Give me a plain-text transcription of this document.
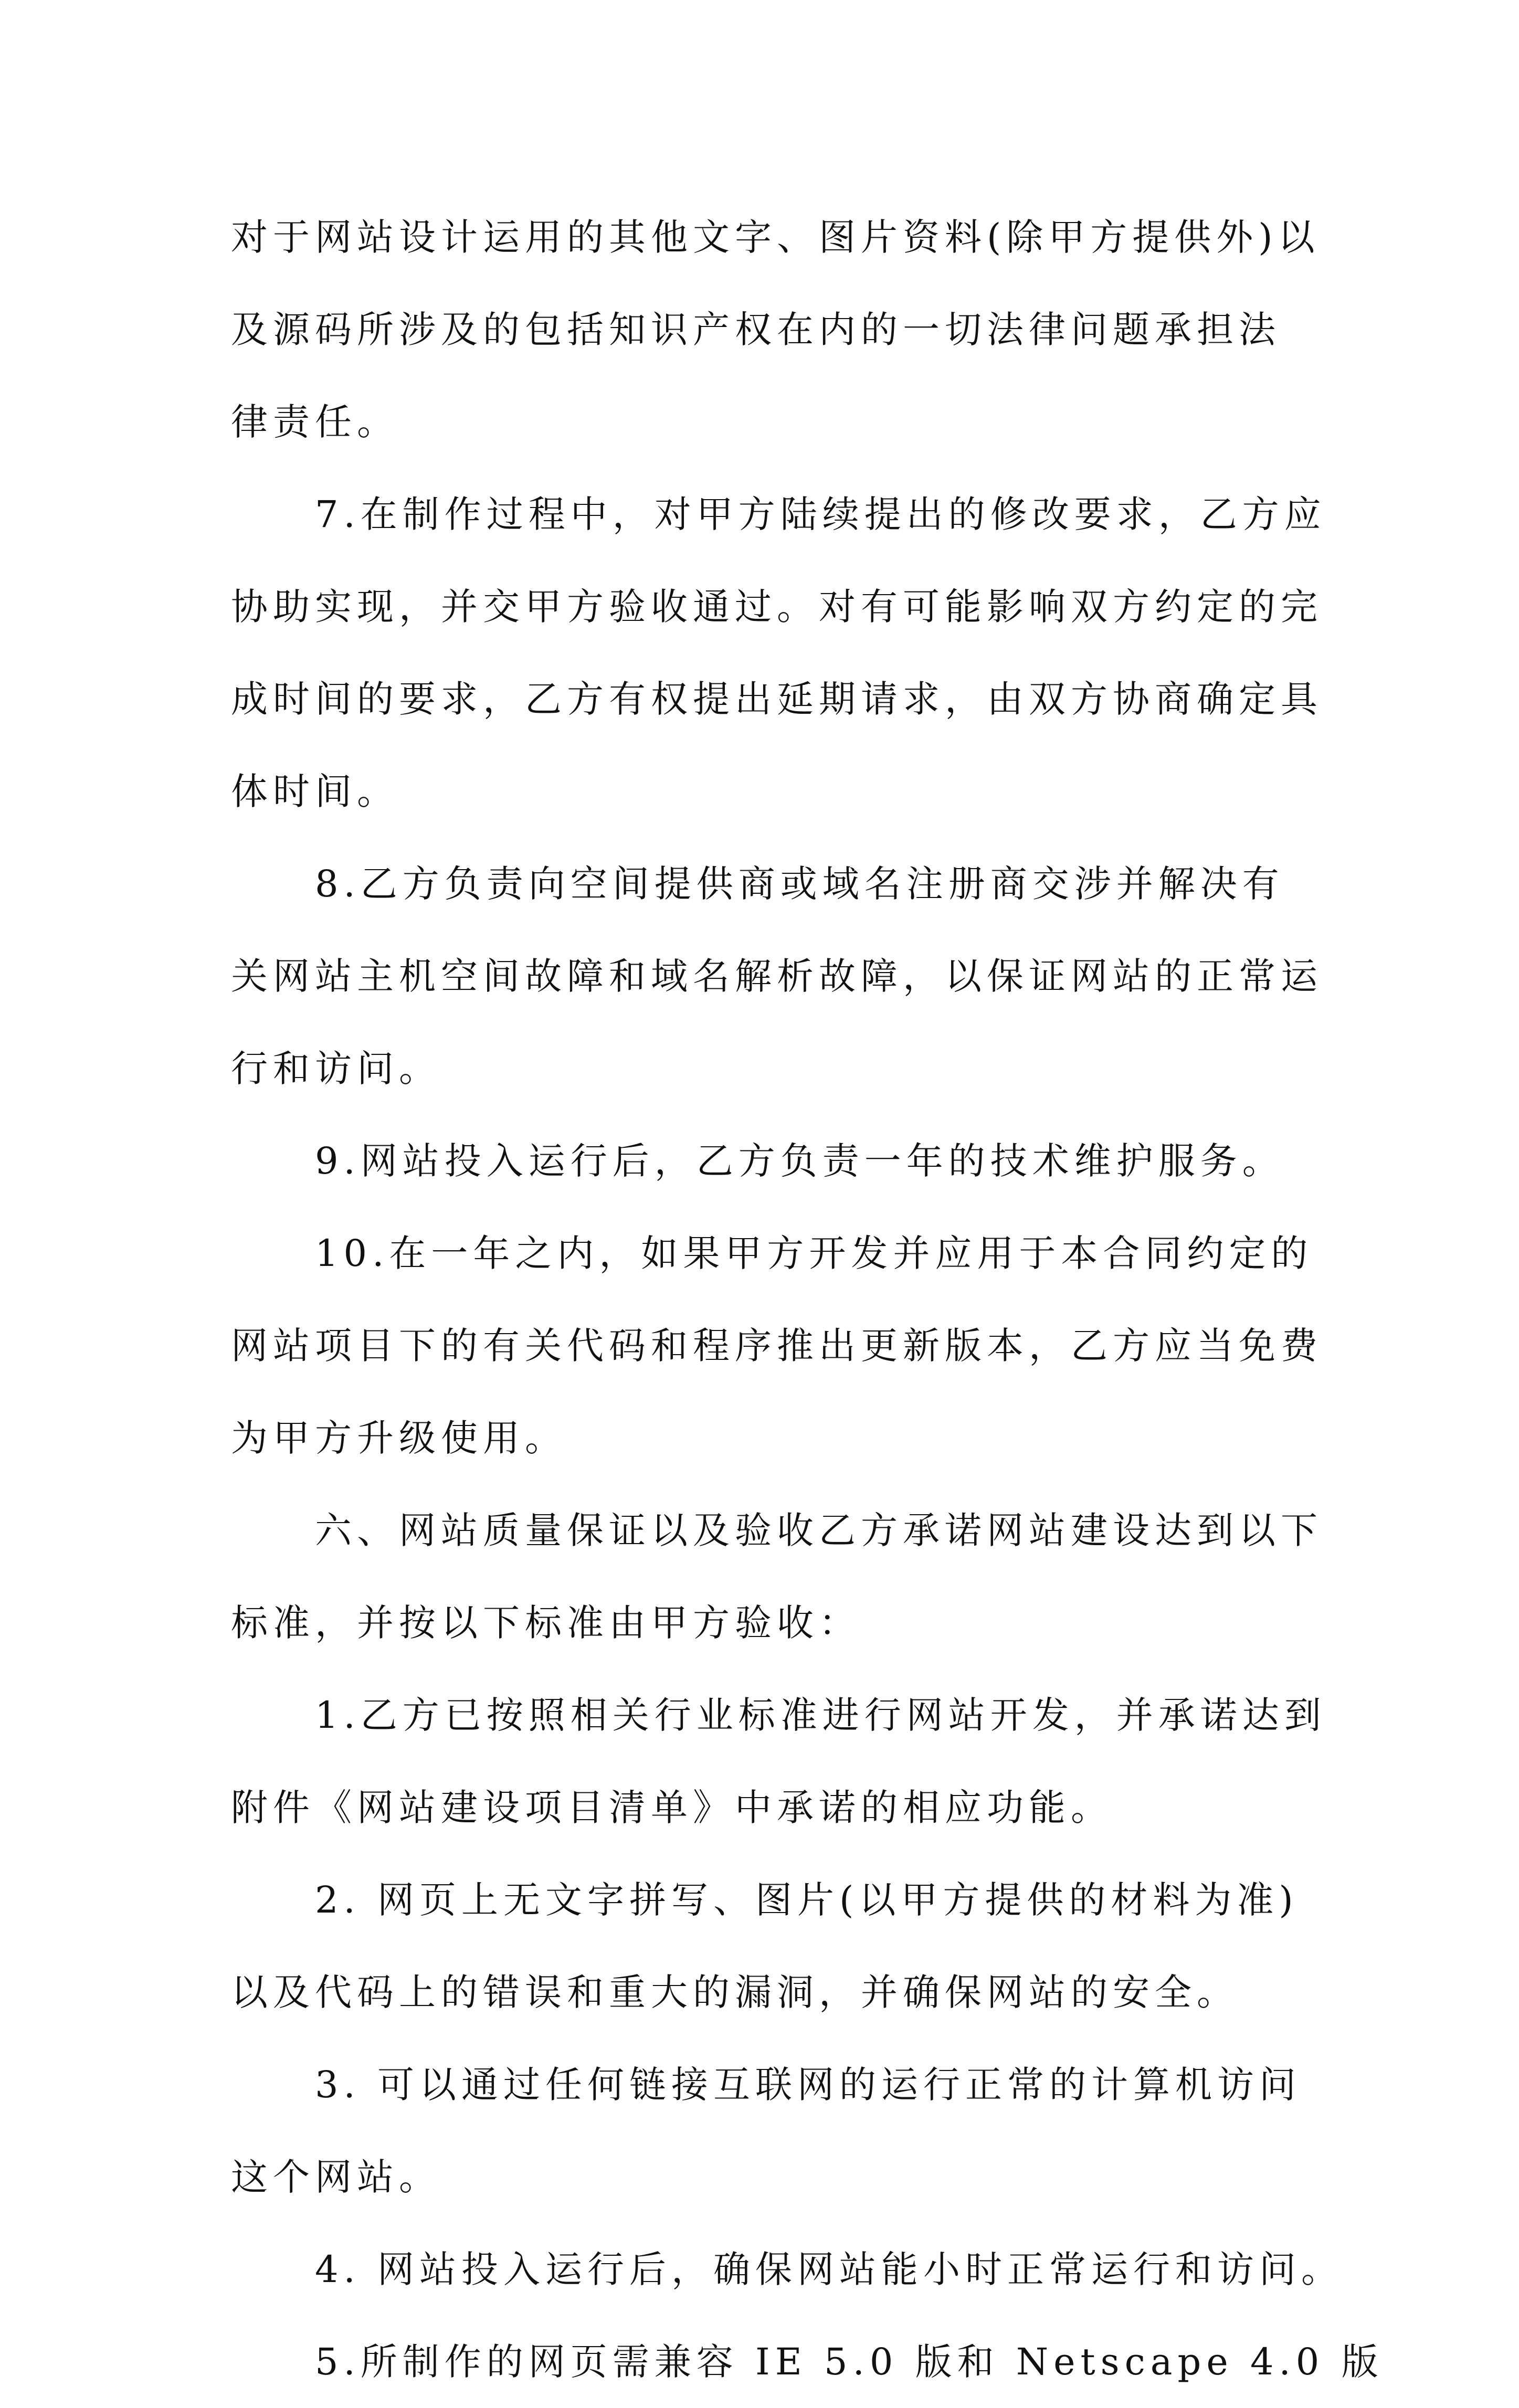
对于网站设计运用的其他文字、图片资料(除甲方提供外)以
及源码所涉及的包括知识产权在内的一切法律问题承担法
律责任。

7.在制作过程中，对甲方陆续提出的修改要求，乙方应
协助实现，并交甲方验收通过。对有可能影响双方约定的完
成时间的要求，乙方有权提出延期请求，由双方协商确定具
体时间。

8.乙方负责向空间提供商或域名注册商交涉并解决有
关网站主机空间故障和域名解析故障，以保证网站的正常运
行和访问。

9.网站投入运行后，乙方负责一年的技术维护服务。

10.在一年之内，如果甲方开发并应用于本合同约定的
网站项目下的有关代码和程序推出更新版本，乙方应当免费
为甲方升级使用。

六、网站质量保证以及验收乙方承诺网站建设达到以下
标准，并按以下标准由甲方验收：

1.乙方已按照相关行业标准进行网站开发，并承诺达到
附件《网站建设项目清单》中承诺的相应功能。

2. 网页上无文字拼写、图片(以甲方提供的材料为准)
以及代码上的错误和重大的漏洞，并确保网站的安全。

3. 可以通过任何链接互联网的运行正常的计算机访问
这个网站。

4. 网站投入运行后，确保网站能小时正常运行和访问。

5.所制作的网页需兼容 IE 5.0 版和 Netscape 4.0 版
